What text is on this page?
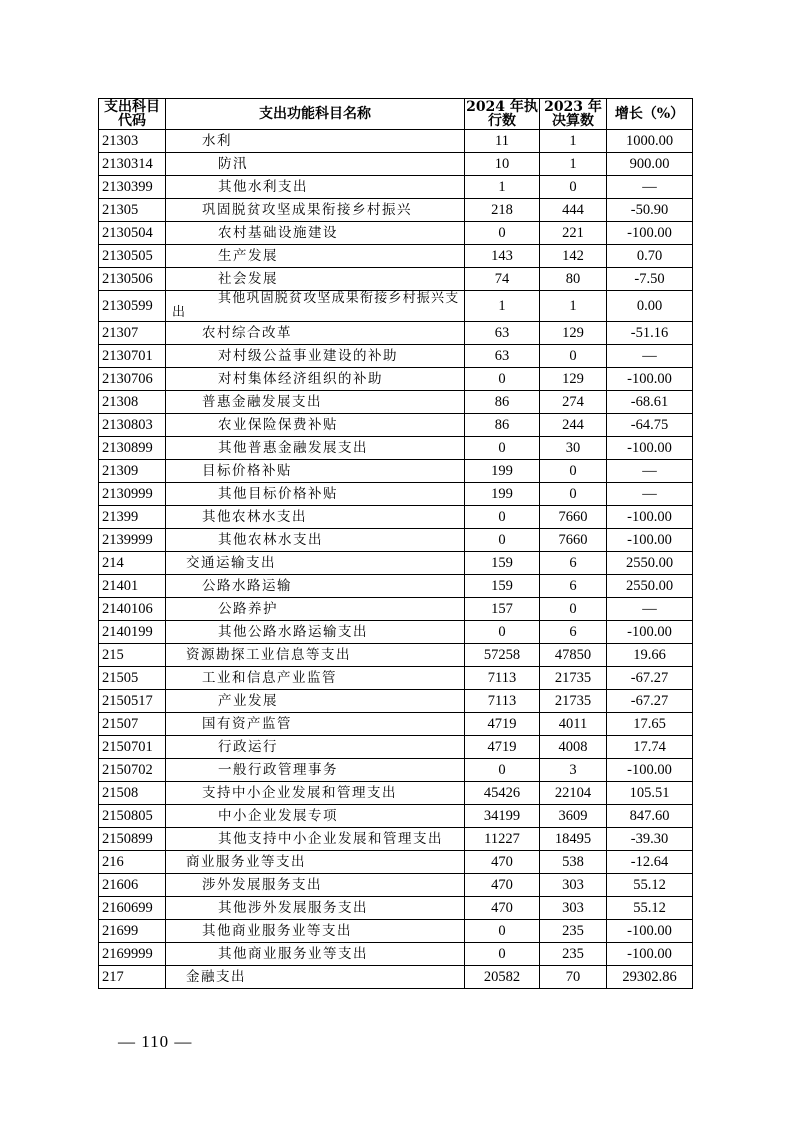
支出科目代码	支出功能科目名称	2024 年执行数	2023 年决算数	增长（%）
21303	水利	11	1	1000.00
2130314	防汛	10	1	900.00
2130399	其他水利支出	1	0	—
21305	巩固脱贫攻坚成果衔接乡村振兴	218	444	-50.90
2130504	农村基础设施建设	0	221	-100.00
2130505	生产发展	143	142	0.70
2130506	社会发展	74	80	-7.50
2130599	其他巩固脱贫攻坚成果衔接乡村振兴支出	1	1	0.00
21307	农村综合改革	63	129	-51.16
2130701	对村级公益事业建设的补助	63	0	—
2130706	对村集体经济组织的补助	0	129	-100.00
21308	普惠金融发展支出	86	274	-68.61
2130803	农业保险保费补贴	86	244	-64.75
2130899	其他普惠金融发展支出	0	30	-100.00
21309	目标价格补贴	199	0	—
2130999	其他目标价格补贴	199	0	—
21399	其他农林水支出	0	7660	-100.00
2139999	其他农林水支出	0	7660	-100.00
214	交通运输支出	159	6	2550.00
21401	公路水路运输	159	6	2550.00
2140106	公路养护	157	0	—
2140199	其他公路水路运输支出	0	6	-100.00
215	资源勘探工业信息等支出	57258	47850	19.66
21505	工业和信息产业监管	7113	21735	-67.27
2150517	产业发展	7113	21735	-67.27
21507	国有资产监管	4719	4011	17.65
2150701	行政运行	4719	4008	17.74
2150702	一般行政管理事务	0	3	-100.00
21508	支持中小企业发展和管理支出	45426	22104	105.51
2150805	中小企业发展专项	34199	3609	847.60
2150899	其他支持中小企业发展和管理支出	11227	18495	-39.30
216	商业服务业等支出	470	538	-12.64
21606	涉外发展服务支出	470	303	55.12
2160699	其他涉外发展服务支出	470	303	55.12
21699	其他商业服务业等支出	0	235	-100.00
2169999	其他商业服务业等支出	0	235	-100.00
217	金融支出	20582	70	29302.86
— 110 —
